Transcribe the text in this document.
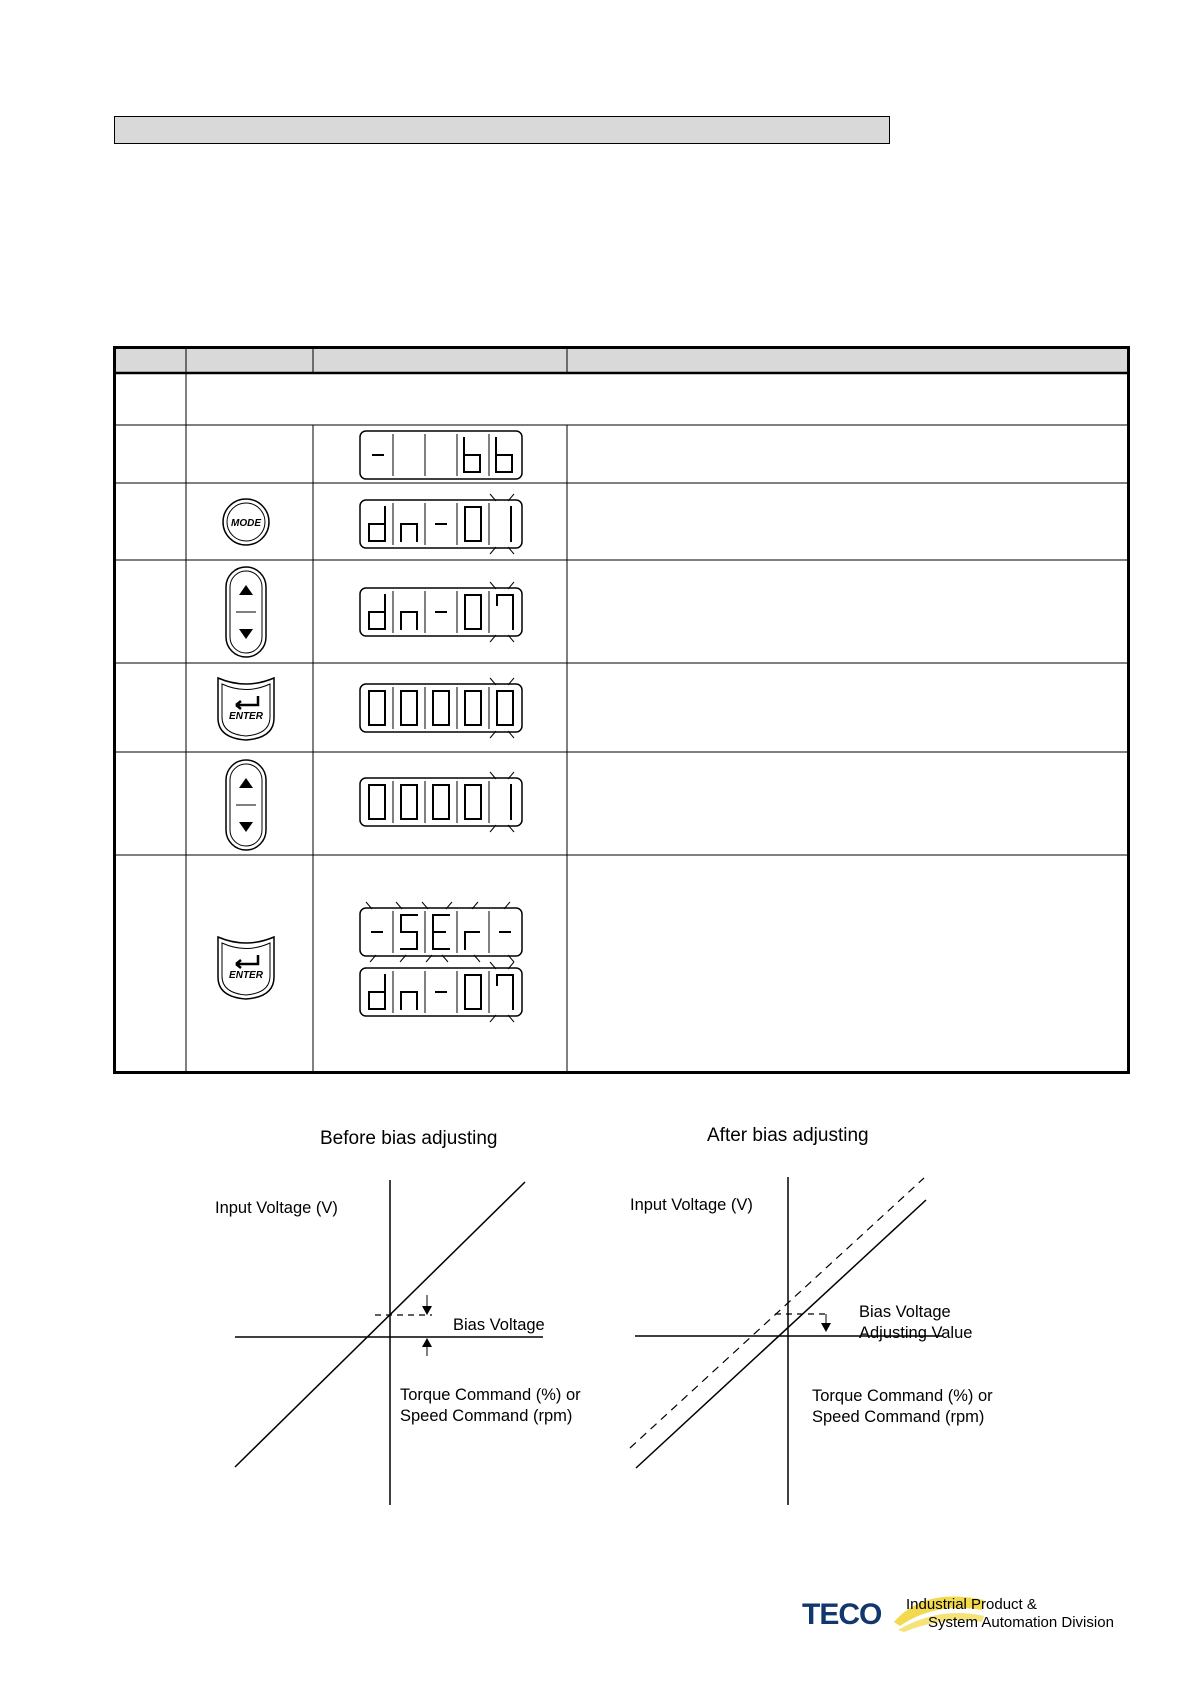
MODE
ENTER
ENTER
Before bias adjusting
Input Voltage (V)
Bias Voltage
Torque Command (%) or
Speed Command (rpm)
After bias adjusting
Input Voltage (V)
Bias Voltage
Adjusting Value
Torque Command (%) or
Speed Command (rpm)
TECO Industrial Product &
System Automation Division
